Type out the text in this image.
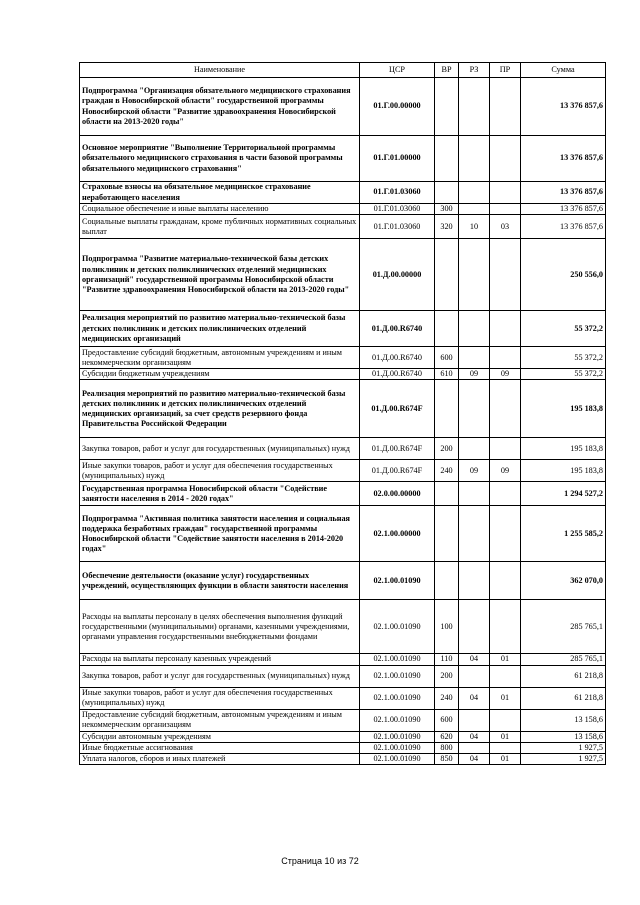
Наименование	ЦСР	ВР	РЗ	ПР	Сумма
Подпрограмма "Организация обязательного медицинского страхования граждан в Новосибирской области" государственной программы Новосибирской области "Развитие здравоохранения Новосибирской области на 2013-2020 годы"	01.Г.00.00000				13 376 857,6
Основное мероприятие "Выполнение Территориальной программы обязательного медицинского страхования в части базовой программы обязательного медицинского страхования"	01.Г.01.00000				13 376 857,6
Страховые взносы на обязательное медицинское страхование неработающего населения	01.Г.01.03060				13 376 857,6
Социальное обеспечение и иные выплаты населению	01.Г.01.03060	300			13 376 857,6
Социальные выплаты гражданам, кроме публичных нормативных социальных выплат	01.Г.01.03060	320	10	03	13 376 857,6
Подпрограмма "Развитие материально-технической базы детских поликлиник и детских поликлинических отделений медицинских организаций" государственной программы Новосибирской области "Развитие здравоохранения Новосибирской области на 2013-2020 годы"	01.Д.00.00000				250 556,0
Реализация мероприятий по развитию материально-технической базы детских поликлиник и детских поликлинических отделений медицинских организаций	01.Д.00.R6740				55 372,2
Предоставление субсидий бюджетным, автономным учреждениям и иным некоммерческим организациям	01.Д.00.R6740	600			55 372,2
Субсидии бюджетным учреждениям	01.Д.00.R6740	610	09	09	55 372,2
Реализация мероприятий по развитию материально-технической базы детских поликлиник и детских поликлинических отделений медицинских организаций, за счет средств резервного фонда Правительства Российской Федерации	01.Д.00.R674F				195 183,8
Закупка товаров, работ и услуг для государственных (муниципальных) нужд	01.Д.00.R674F	200			195 183,8
Иные закупки товаров, работ и услуг для обеспечения государственных (муниципальных) нужд	01.Д.00.R674F	240	09	09	195 183,8
Государственная программа Новосибирской области "Содействие занятости населения в 2014 - 2020 годах"	02.0.00.00000				1 294 527,2
Подпрограмма "Активная политика занятости населения и социальная поддержка безработных граждан" государственной программы Новосибирской области "Содействие занятости населения в 2014-2020 годах"	02.1.00.00000				1 255 585,2
Обеспечение деятельности (оказание услуг) государственных учреждений, осуществляющих функции в области занятости населения	02.1.00.01090				362 070,0
Расходы на выплаты персоналу в целях обеспечения выполнения функций государственными (муниципальными) органами, казенными учреждениями, органами управления государственными внебюджетными фондами	02.1.00.01090	100			285 765,1
Расходы на выплаты персоналу казенных учреждений	02.1.00.01090	110	04	01	285 765,1
Закупка товаров, работ и услуг для государственных (муниципальных) нужд	02.1.00.01090	200			61 218,8
Иные закупки товаров, работ и услуг для обеспечения государственных (муниципальных) нужд	02.1.00.01090	240	04	01	61 218,8
Предоставление субсидий бюджетным, автономным учреждениям и иным некоммерческим организациям	02.1.00.01090	600			13 158,6
Субсидии автономным учреждениям	02.1.00.01090	620	04	01	13 158,6
Иные бюджетные ассигнования	02.1.00.01090	800			1 927,5
Уплата налогов, сборов и иных платежей	02.1.00.01090	850	04	01	1 927,5
Страница 10 из 72
